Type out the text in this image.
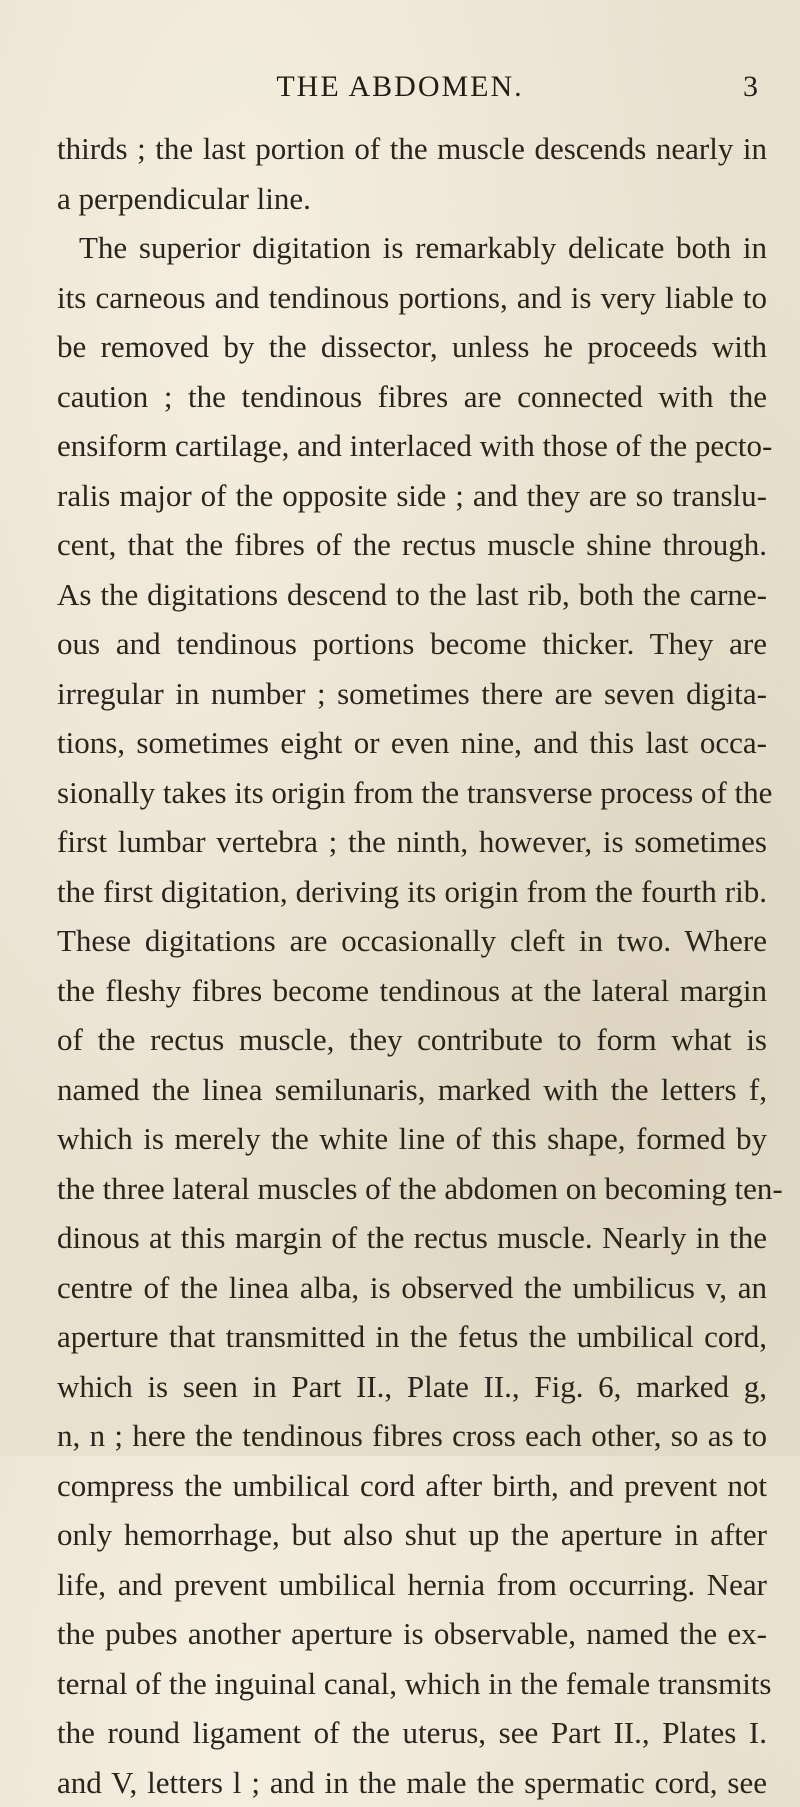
THE ABDOMEN.	3
thirds ; the last portion of the muscle descends nearly in
a perpendicular line.
The superior digitation is remarkably delicate both in
its carneous and tendinous portions, and is very liable to
be removed by the dissector, unless he proceeds with
caution ; the tendinous fibres are connected with the
ensiform cartilage, and interlaced with those of the pecto-
ralis major of the opposite side ; and they are so translu-
cent, that the fibres of the rectus muscle shine through.
As the digitations descend to the last rib, both the carne-
ous and tendinous portions become thicker. They are
irregular in number ; sometimes there are seven digita-
tions, sometimes eight or even nine, and this last occa-
sionally takes its origin from the transverse process of the
first lumbar vertebra ; the ninth, however, is sometimes
the first digitation, deriving its origin from the fourth rib.
These digitations are occasionally cleft in two. Where
the fleshy fibres become tendinous at the lateral margin
of the rectus muscle, they contribute to form what is
named the linea semilunaris, marked with the letters f,
which is merely the white line of this shape, formed by
the three lateral muscles of the abdomen on becoming ten-
dinous at this margin of the rectus muscle. Nearly in the
centre of the linea alba, is observed the umbilicus v, an
aperture that transmitted in the fetus the umbilical cord,
which is seen in Part II., Plate II., Fig. 6, marked g,
n, n ; here the tendinous fibres cross each other, so as to
compress the umbilical cord after birth, and prevent not
only hemorrhage, but also shut up the aperture in after
life, and prevent umbilical hernia from occurring. Near
the pubes another aperture is observable, named the ex-
ternal of the inguinal canal, which in the female transmits
the round ligament of the uterus, see Part II., Plates I.
and V, letters l ; and in the male the spermatic cord, see
